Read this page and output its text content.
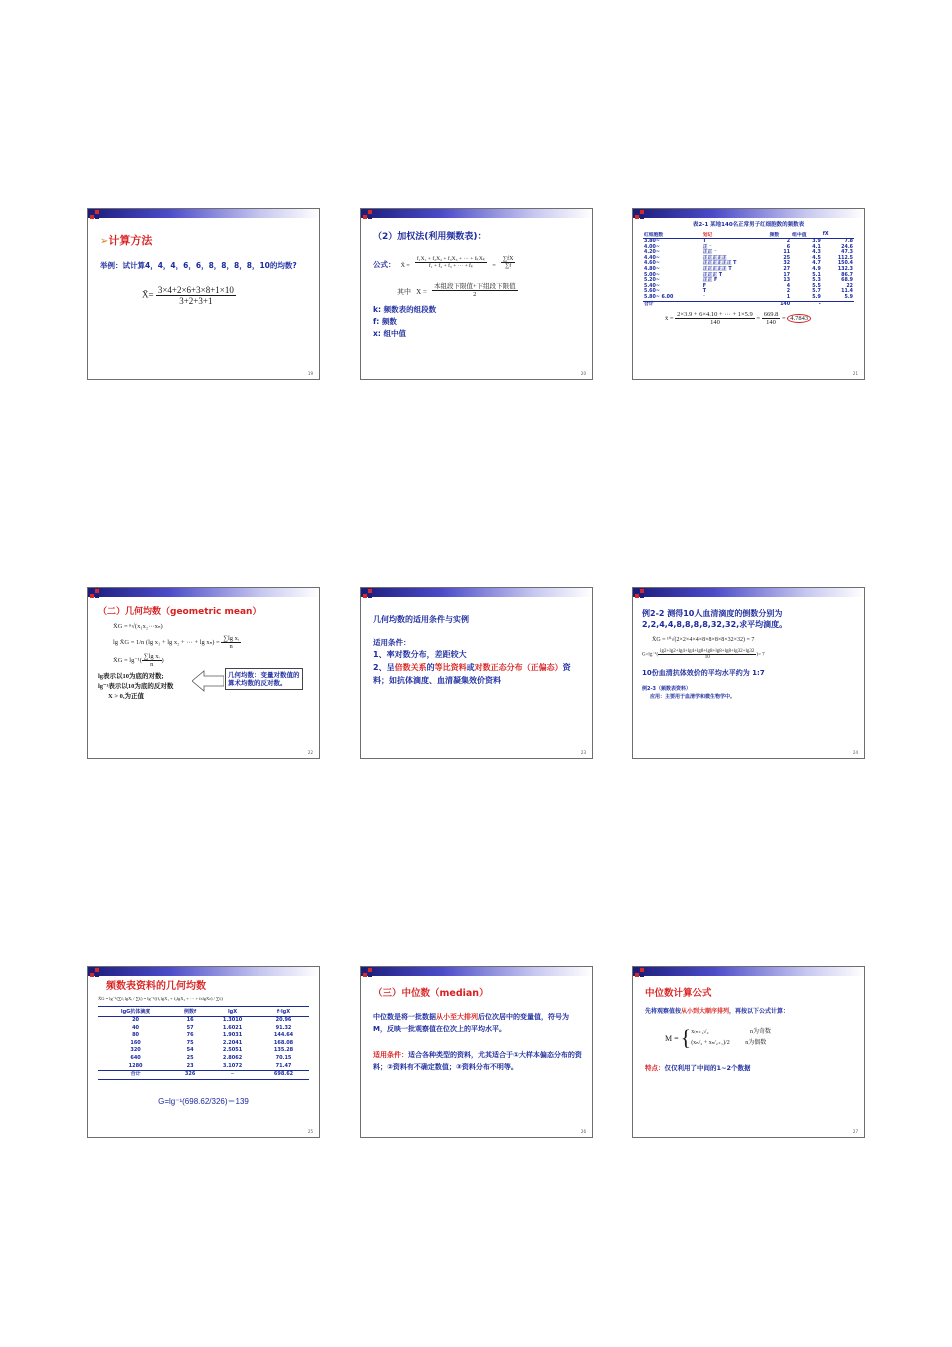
➢计算方法
举例：试计算4，4，4，6，6，8，8，8，8，10的均数?
X̄= $\frac{3\times 4+2\times 6+3\times 8+1\times 10}{3+2+3+1}$
19
（2）加权法(利用频数表)：
公式： X̄ = $\frac{\text{f₁X₁ + f₂X₂ + f₃X₃ + ··· + fₖXₖ}}{\text{f₁ + f₂ + f₃ + ··· + fₖ}} = \frac{\sum fX}{\sum f}$
其中 $X = \frac{\text{本组段下限值+下组段下限值}}{2}$
k: 频数表的组段数
f: 频数
x: 组中值
20
表2-1 某地140名正常男子红细胞数的频数表
红细胞数	划记	频数	组中值	fX
3.80~	T	2	3.9	7.8
4.00~	正 ⁻	6	4.1	24.6
4.20~	正正 ⁻	11	4.3	47.3
4.40~	正正正正正	25	4.5	112.5
4.60~	正正正正正正 T	32	4.7	150.4
4.80~	正正正正正 T	27	4.9	132.3
5.00~	正正正 T	17	5.1	86.7
5.20~	正正 F	13	5.3	68.9
5.40~	F	4	5.5	22
5.60~	T	2	5.7	11.4
5.80~ 6.00	⁻	1	5.9	5.9
合计		140	-	
x̄ = $\frac{2\times 3.9 + 6\times 4.10 + \cdot\cdot\cdot + 1\times 5.9}{140} = \frac{669.8}{140} = 4.7843$
21
（二）几何均数（geometric mean）
X̄G = ⁿ√(x₁x₂···xₙ)
lg X̄G = 1/n (lg x₁ + lg x₂ + ··· + $\lg x_n) = \frac{\text{∑lg xᵢ}}{n}$
X̄G = $\lg^{-1}( \frac{\text{∑lg xᵢ}}{n}$ )
lg表示以10为底的对数;
lg⁻¹表示以10为底的反对数
X > 0,为正值
几何均数：变量对数值的算术均数的反对数。
22
几何均数的适用条件与实例
适用条件：
1、率对数分布，差距较大
2、呈倍数关系的等比资料或对数正态分布（正偏态）资料；如抗体滴度、血清凝集效价资料
23
例2-2 测得10人血清滴度的倒数分别为2,2,4,4,8,8,8,8,32,32,求平均滴度。
X̄G = ¹⁰√(2×2×4×4×8×8×8×8×32×32) = 7
$G=\lg^{-1}( \frac{\lg 2+\lg 2+\lg 4+\lg 4+\lg 8+\lg 8+\lg 8+\lg 8+\lg 32+\lg 32}{10}$ )= 7
10份血清抗体效价的平均水平约为 1:7
例2-3（频数表资料）
应用：主要用于血清学和微生物学中。
24
频数表资料的几何均数
X̄G = lg⁻¹(∑fᵢ lgXᵢ / ∑fᵢ) = lg⁻¹((f₁lgX₁ + f₂lgX₂ + ··· + fₙlgXₙ) / ∑fᵢ)
lgG抗体滴度	例数f	lgX	f·lgX
20	16	1.3010	20.96
40	57	1.6021	91.32
80	76	1.9031	144.64
160	75	2.2041	168.08
320	54	2.5051	135.28
640	25	2.8062	70.15
1280	23	3.1072	71.47
合计	326	─	698.62
G=lg⁻¹(698.62/326)＝139
25
（三）中位数（median）
中位数是将一批数据从小至大排列后位次居中的变量值，符号为M，反映一批观察值在位次上的平均水平。
适用条件：适合各种类型的资料，尤其适合于①大样本偏态分布的资料；②资料有不确定数值；③资料分布不明等。
26
中位数计算公式
先将观察值按从小到大顺序排列，再按以下公式计算：
M = { x₍ₙ₊₁₎/₂	n为奇数
(xₙ/₂ + xₙ/₂₊₁)/2	n为偶数
特点：仅仅利用了中间的1~2个数据
27
